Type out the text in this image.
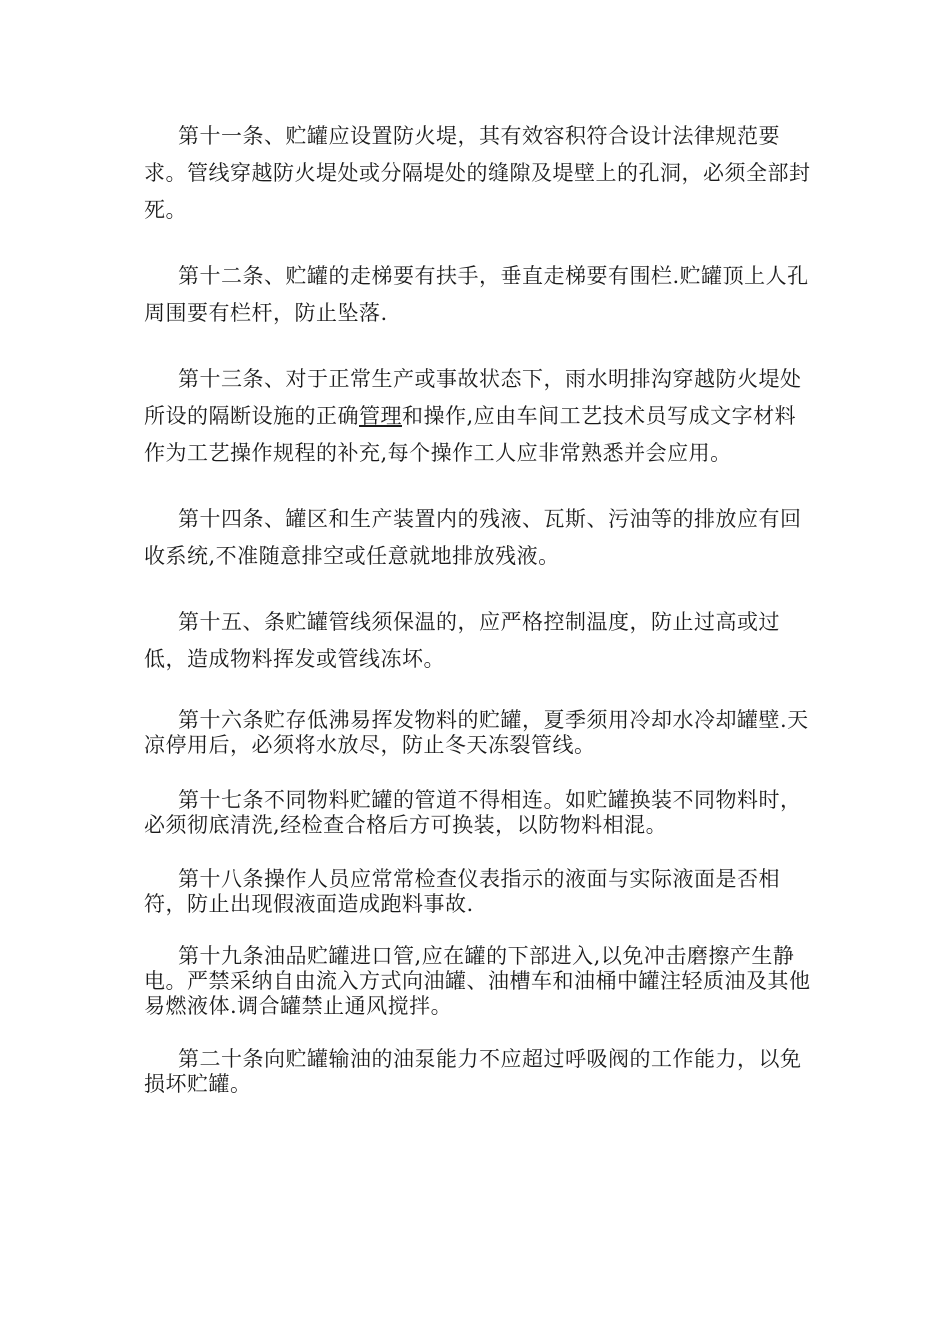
第十一条、贮罐应设置防火堤，其有效容积符合设计法律规范要求。管线穿越防火堤处或分隔堤处的缝隙及堤壁上的孔洞，必须全部封死。

第十二条、贮罐的走梯要有扶手，垂直走梯要有围栏.贮罐顶上人孔周围要有栏杆，防止坠落.

第十三条、对于正常生产或事故状态下，雨水明排沟穿越防火堤处所设的隔断设施的正确管理和操作,应由车间工艺技术员写成文字材料作为工艺操作规程的补充,每个操作工人应非常熟悉并会应用。

第十四条、罐区和生产装置内的残液、瓦斯、污油等的排放应有回收系统,不准随意排空或任意就地排放残液。

第十五、条贮罐管线须保温的，应严格控制温度，防止过高或过低，造成物料挥发或管线冻坏。

第十六条贮存低沸易挥发物料的贮罐，夏季须用冷却水冷却罐壁.天凉停用后，必须将水放尽，防止冬天冻裂管线。

第十七条不同物料贮罐的管道不得相连。如贮罐换装不同物料时，必须彻底清洗,经检查合格后方可换装，以防物料相混。

第十八条操作人员应常常检查仪表指示的液面与实际液面是否相符，防止出现假液面造成跑料事故.

第十九条油品贮罐进口管,应在罐的下部进入,以免冲击磨擦产生静电。严禁采纳自由流入方式向油罐、油槽车和油桶中罐注轻质油及其他易燃液体.调合罐禁止通风搅拌。

第二十条向贮罐输油的油泵能力不应超过呼吸阀的工作能力，以免损坏贮罐。
